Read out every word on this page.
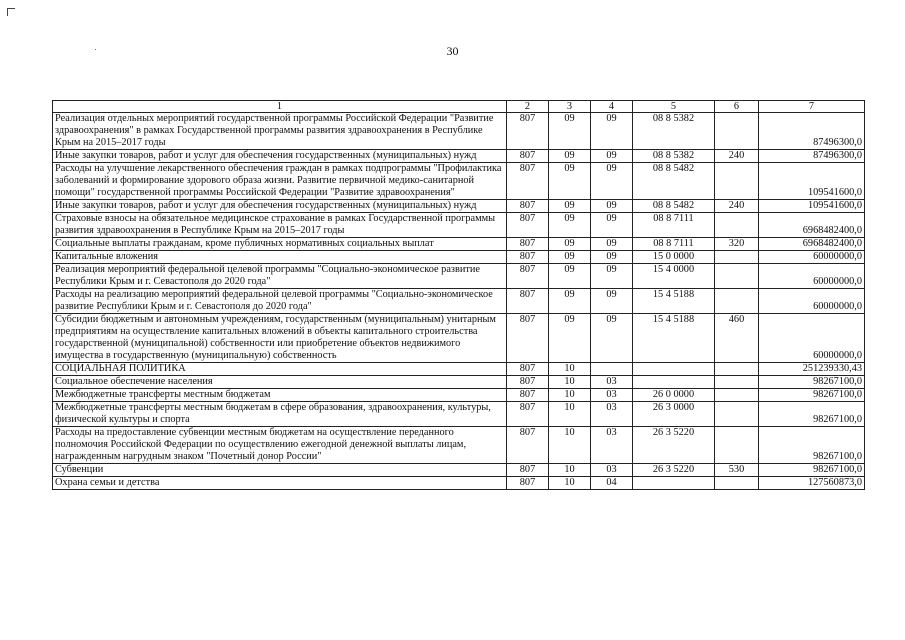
30
1	2	3	4	5	6	7
Реализация отдельных мероприятий государственной программы Российской Федерации "Развитие здравоохранения" в рамках Государственной программы развития здравоохранения в Республике Крым на 2015–2017 годы	807	09	09	08 8 5382		87496300,0
Иные закупки товаров, работ и услуг для обеспечения государственных (муниципальных) нужд	807	09	09	08 8 5382	240	87496300,0
Расходы на улучшение лекарственного обеспечения граждан в рамках подпрограммы "Профилактика заболеваний и формирование здорового образа жизни. Развитие первичной медико-санитарной помощи" государственной программы Российской Федерации "Развитие здравоохранения"	807	09	09	08 8 5482		109541600,0
Иные закупки товаров, работ и услуг для обеспечения государственных (муниципальных) нужд	807	09	09	08 8 5482	240	109541600,0
Страховые взносы на обязательное медицинское страхование в рамках Государственной программы развития здравоохранения в Республике Крым на 2015–2017 годы	807	09	09	08 8 7111		6968482400,0
Социальные выплаты гражданам, кроме публичных нормативных социальных выплат	807	09	09	08 8 7111	320	6968482400,0
Капитальные вложения	807	09	09	15 0 0000		60000000,0
Реализация мероприятий федеральной целевой программы "Социально-экономическое развитие Республики Крым и г. Севастополя до 2020 года"	807	09	09	15 4 0000		60000000,0
Расходы на реализацию мероприятий федеральной целевой программы "Социально-экономическое развитие Республики Крым и г. Севастополя до 2020 года"	807	09	09	15 4 5188		60000000,0
Субсидии бюджетным и автономным учреждениям, государственным (муниципальным) унитарным предприятиям на осуществление капитальных вложений в объекты капитального строительства государственной (муниципальной) собственности или приобретение объектов недвижимого имущества в государственную (муниципальную) собственность	807	09	09	15 4 5188	460	60000000,0
СОЦИАЛЬНАЯ ПОЛИТИКА	807	10				251239330,43
Социальное обеспечение населения	807	10	03			98267100,0
Межбюджетные трансферты местным бюджетам	807	10	03	26 0 0000		98267100,0
Межбюджетные трансферты местным бюджетам в сфере образования, здравоохранения, культуры, физической культуры и спорта	807	10	03	26 3 0000		98267100,0
Расходы на предоставление субвенции местным бюджетам на осуществление переданного полномочия Российской Федерации по осуществлению ежегодной денежной выплаты лицам, награжденным нагрудным знаком "Почетный донор России"	807	10	03	26 3 5220		98267100,0
Субвенции	807	10	03	26 3 5220	530	98267100,0
Охрана семьи и детства	807	10	04			127560873,0
